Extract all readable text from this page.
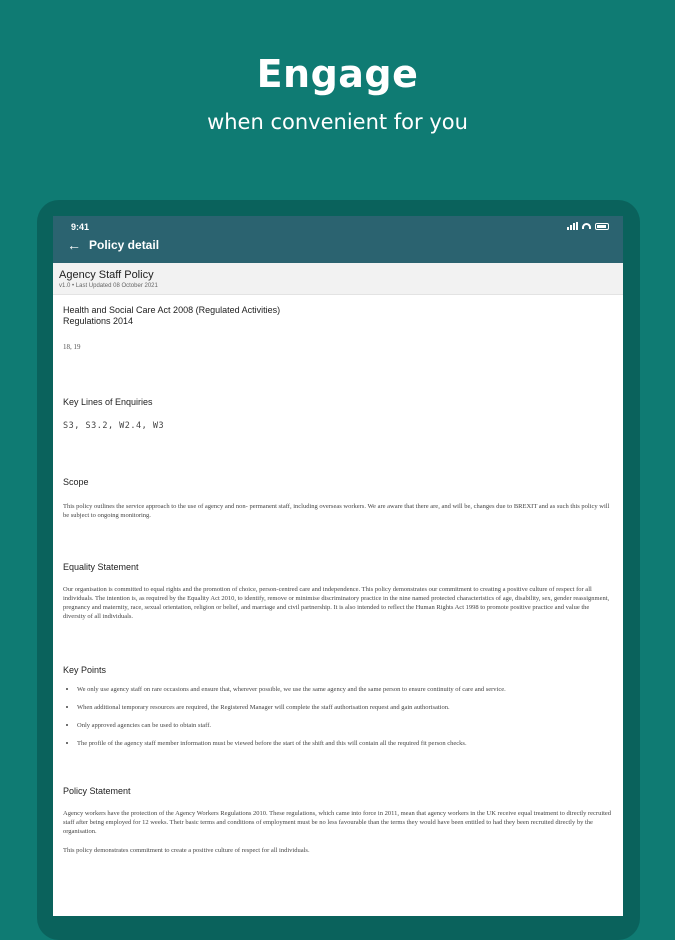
Engage
when convenient for you
9:41
← Policy detail
Agency Staff Policy
v1.0 • Last Updated 08 October 2021
Health and Social Care Act 2008 (Regulated Activities) Regulations 2014
18, 19
Key Lines of Enquiries
S3, S3.2, W2.4, W3
Scope
This policy outlines the service approach to the use of agency and non- permanent staff, including overseas workers. We are aware that there are, and will be, changes due to BREXIT and as such this policy will be subject to ongoing monitoring.
Equality Statement
Our organisation is committed to equal rights and the promotion of choice, person-centred care and independence. This policy demonstrates our commitment to creating a positive culture of respect for all individuals. The intention is, as required by the Equality Act 2010, to identify, remove or minimise discriminatory practice in the nine named protected characteristics of age, disability, sex, gender reassignment, pregnancy and maternity, race, sexual orientation, religion or belief, and marriage and civil partnership. It is also intended to reflect the Human Rights Act 1998 to promote positive practice and value the diversity of all individuals.
Key Points
• We only use agency staff on rare occasions and ensure that, wherever possible, we use the same agency and the same person to ensure continuity of care and service.
• When additional temporary resources are required, the Registered Manager will complete the staff authorisation request and gain authorisation.
• Only approved agencies can be used to obtain staff.
• The profile of the agency staff member information must be viewed before the start of the shift and this will contain all the required fit person checks.
Policy Statement
Agency workers have the protection of the Agency Workers Regulations 2010. These regulations, which came into force in 2011, mean that agency workers in the UK receive equal treatment to directly recruited staff after being employed for 12 weeks. Their basic terms and conditions of employment must be no less favourable than the terms they would have been entitled to had they been recruited directly by the organisation.
This policy demonstrates commitment to create a positive culture of respect for all individuals.
